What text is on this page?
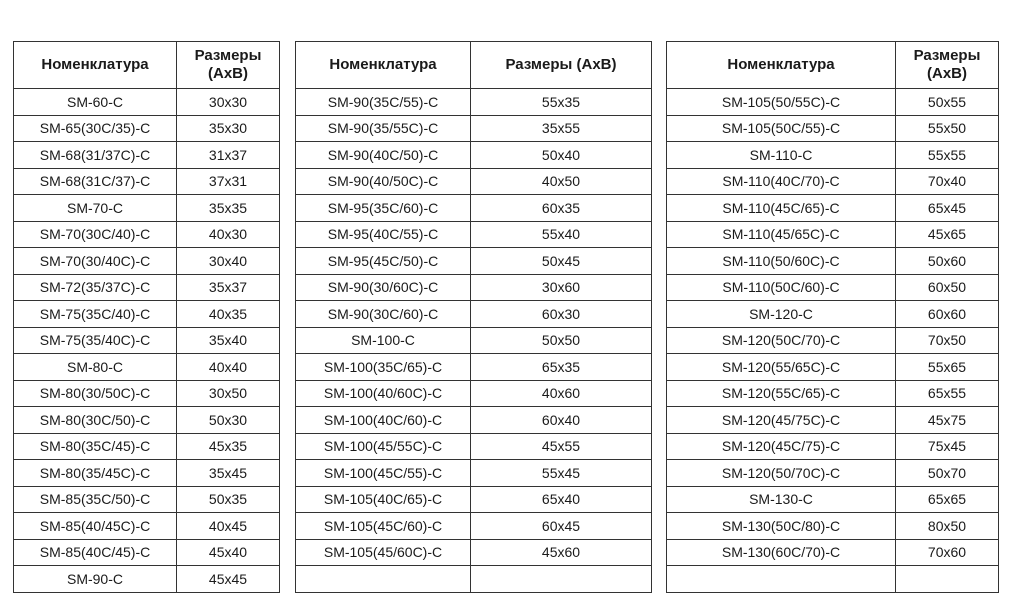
Номенклатура	Размеры (АхВ)
SM-60-C	30x30
SM-65(30C/35)-C	35x30
SM-68(31/37C)-C	31x37
SM-68(31C/37)-C	37x31
SM-70-C	35x35
SM-70(30C/40)-C	40x30
SM-70(30/40C)-C	30x40
SM-72(35/37C)-C	35x37
SM-75(35C/40)-C	40x35
SM-75(35/40C)-C	35x40
SM-80-C	40x40
SM-80(30/50C)-C	30x50
SM-80(30C/50)-C	50x30
SM-80(35C/45)-C	45x35
SM-80(35/45C)-C	35x45
SM-85(35C/50)-C	50x35
SM-85(40/45C)-C	40x45
SM-85(40C/45)-C	45x40
SM-90-C	45x45
Номенклатура	Размеры (АхВ)
SM-90(35C/55)-C	55x35
SM-90(35/55C)-C	35x55
SM-90(40C/50)-C	50x40
SM-90(40/50C)-C	40x50
SM-95(35C/60)-C	60x35
SM-95(40C/55)-C	55x40
SM-95(45C/50)-C	50x45
SM-90(30/60C)-C	30x60
SM-90(30C/60)-C	60x30
SM-100-C	50x50
SM-100(35C/65)-C	65x35
SM-100(40/60C)-C	40x60
SM-100(40C/60)-C	60x40
SM-100(45/55C)-C	45x55
SM-100(45C/55)-C	55x45
SM-105(40C/65)-C	65x40
SM-105(45C/60)-C	60x45
SM-105(45/60C)-C	45x60

Номенклатура	Размеры (АхВ)
SM-105(50/55C)-C	50x55
SM-105(50C/55)-C	55x50
SM-110-C	55x55
SM-110(40C/70)-C	70x40
SM-110(45C/65)-C	65x45
SM-110(45/65C)-C	45x65
SM-110(50/60C)-C	50x60
SM-110(50C/60)-C	60x50
SM-120-C	60x60
SM-120(50C/70)-C	70x50
SM-120(55/65C)-C	55x65
SM-120(55C/65)-C	65x55
SM-120(45/75C)-C	45x75
SM-120(45C/75)-C	75x45
SM-120(50/70C)-C	50x70
SM-130-C	65x65
SM-130(50C/80)-C	80x50
SM-130(60C/70)-C	70x60
